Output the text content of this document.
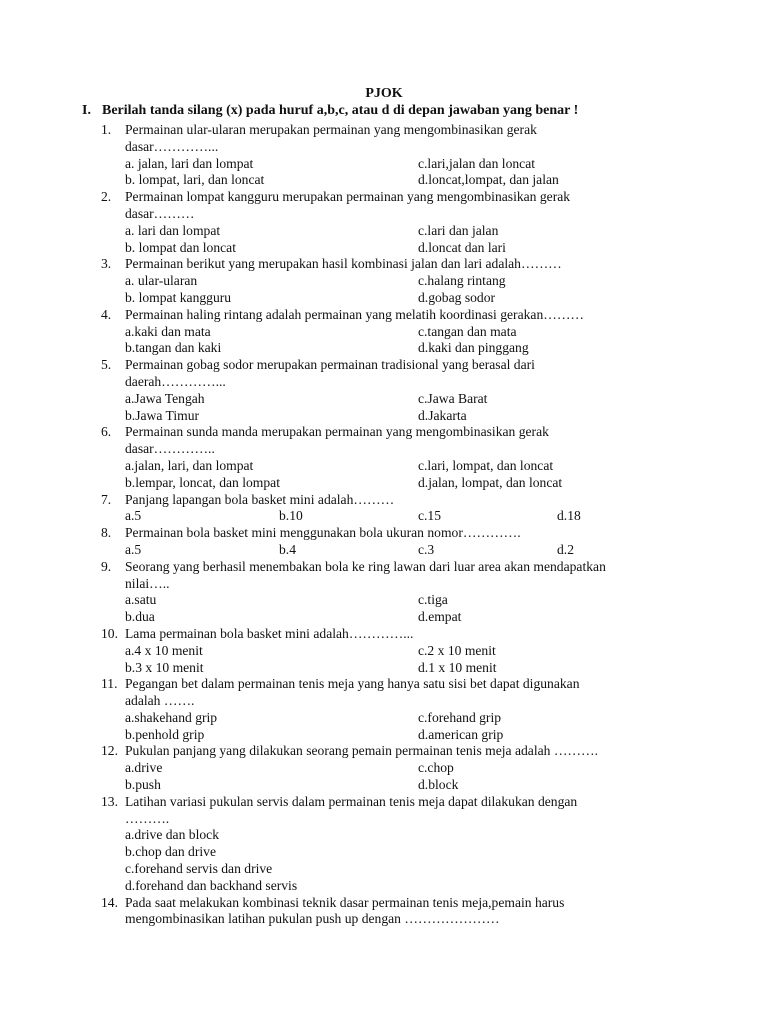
PJOK
I. Berilah tanda silang (x) pada huruf a,b,c, atau d di depan jawaban yang benar !
1.	Permainan ular-ularan merupakan permainan yang mengombinasikan gerak
dasar…………...
a. jalan, lari dan lompat	c.lari,jalan dan loncat
b. lompat, lari, dan loncat	d.loncat,lompat, dan jalan
2.	Permainan lompat kangguru merupakan permainan yang mengombinasikan gerak
dasar………
a. lari dan lompat	c.lari dan jalan
b. lompat dan loncat	d.loncat dan lari
3.	Permainan berikut yang merupakan hasil kombinasi jalan dan lari adalah………
a. ular-ularan	c.halang rintang
b. lompat kangguru	d.gobag sodor
4.	Permainan haling rintang adalah permainan yang melatih koordinasi gerakan………
a.kaki dan mata	c.tangan dan mata
b.tangan dan kaki	d.kaki dan pinggang
5.	Permainan gobag sodor merupakan permainan tradisional yang berasal dari
daerah…………...
a.Jawa Tengah	c.Jawa Barat
b.Jawa Timur	d.Jakarta
6.	Permainan sunda manda merupakan permainan yang mengombinasikan gerak
dasar…………..
a.jalan, lari, dan lompat	c.lari, lompat, dan loncat
b.lempar, loncat, dan lompat	d.jalan, lompat, dan loncat
7.	Panjang lapangan bola basket mini adalah………
a.5	b.10	c.15	d.18
8.	Permainan bola basket mini menggunakan bola ukuran nomor………….
a.5	b.4	c.3	d.2
9.	Seorang yang berhasil menembakan bola ke ring lawan dari luar area akan mendapatkan
nilai…..
a.satu	c.tiga
b.dua	d.empat
10. Lama permainan bola basket mini adalah…………...
a.4 x 10 menit	c.2 x 10 menit
b.3 x 10 menit	d.1 x 10 menit
11. Pegangan bet dalam permainan tenis meja yang hanya satu sisi bet dapat digunakan
adalah …….
a.shakehand grip	c.forehand grip
b.penhold grip	d.american grip
12. Pukulan panjang yang dilakukan seorang pemain permainan tenis meja adalah ……….
a.drive	c.chop
b.push	d.block
13. Latihan variasi pukulan servis dalam permainan tenis meja dapat dilakukan dengan
……….
a.drive dan block
b.chop dan drive
c.forehand servis dan drive
d.forehand dan backhand servis
14. Pada saat melakukan kombinasi teknik dasar permainan tenis meja,pemain harus
mengombinasikan latihan pukulan push up dengan …………………
